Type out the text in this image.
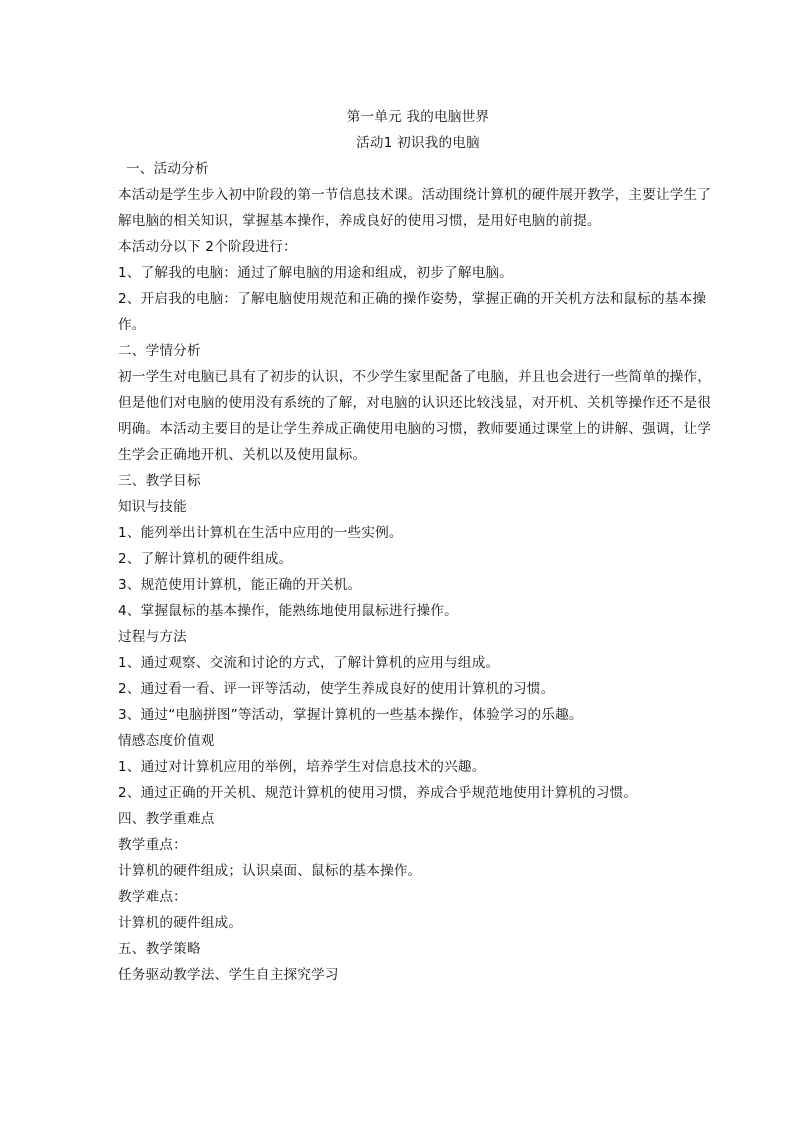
第一单元 我的电脑世界

活动1 初识我的电脑

一、活动分析

本活动是学生步入初中阶段的第一节信息技术课。活动围绕计算机的硬件展开教学，主要让学生了解电脑的相关知识，掌握基本操作，养成良好的使用习惯，是用好电脑的前提。

本活动分以下 2个阶段进行：

1、了解我的电脑：通过了解电脑的用途和组成，初步了解电脑。

2、开启我的电脑：了解电脑使用规范和正确的操作姿势，掌握正确的开关机方法和鼠标的基本操作。

二、学情分析

初一学生对电脑已具有了初步的认识，不少学生家里配备了电脑，并且也会进行一些简单的操作，但是他们对电脑的使用没有系统的了解，对电脑的认识还比较浅显，对开机、关机等操作还不是很明确。本活动主要目的是让学生养成正确使用电脑的习惯，教师要通过课堂上的讲解、强调，让学生学会正确地开机、关机以及使用鼠标。

三、教学目标

知识与技能

1、能列举出计算机在生活中应用的一些实例。

2、了解计算机的硬件组成。

3、规范使用计算机，能正确的开关机。

4、掌握鼠标的基本操作，能熟练地使用鼠标进行操作。

过程与方法

1、通过观察、交流和讨论的方式，了解计算机的应用与组成。

2、通过看一看、评一评等活动，使学生养成良好的使用计算机的习惯。

3、通过“电脑拼图”等活动，掌握计算机的一些基本操作，体验学习的乐趣。

情感态度价值观

1、通过对计算机应用的举例，培养学生对信息技术的兴趣。

2、通过正确的开关机、规范计算机的使用习惯，养成合乎规范地使用计算机的习惯。

四、教学重难点

教学重点：

计算机的硬件组成；认识桌面、鼠标的基本操作。

教学难点：

计算机的硬件组成。

五、教学策略

任务驱动教学法、学生自主探究学习
